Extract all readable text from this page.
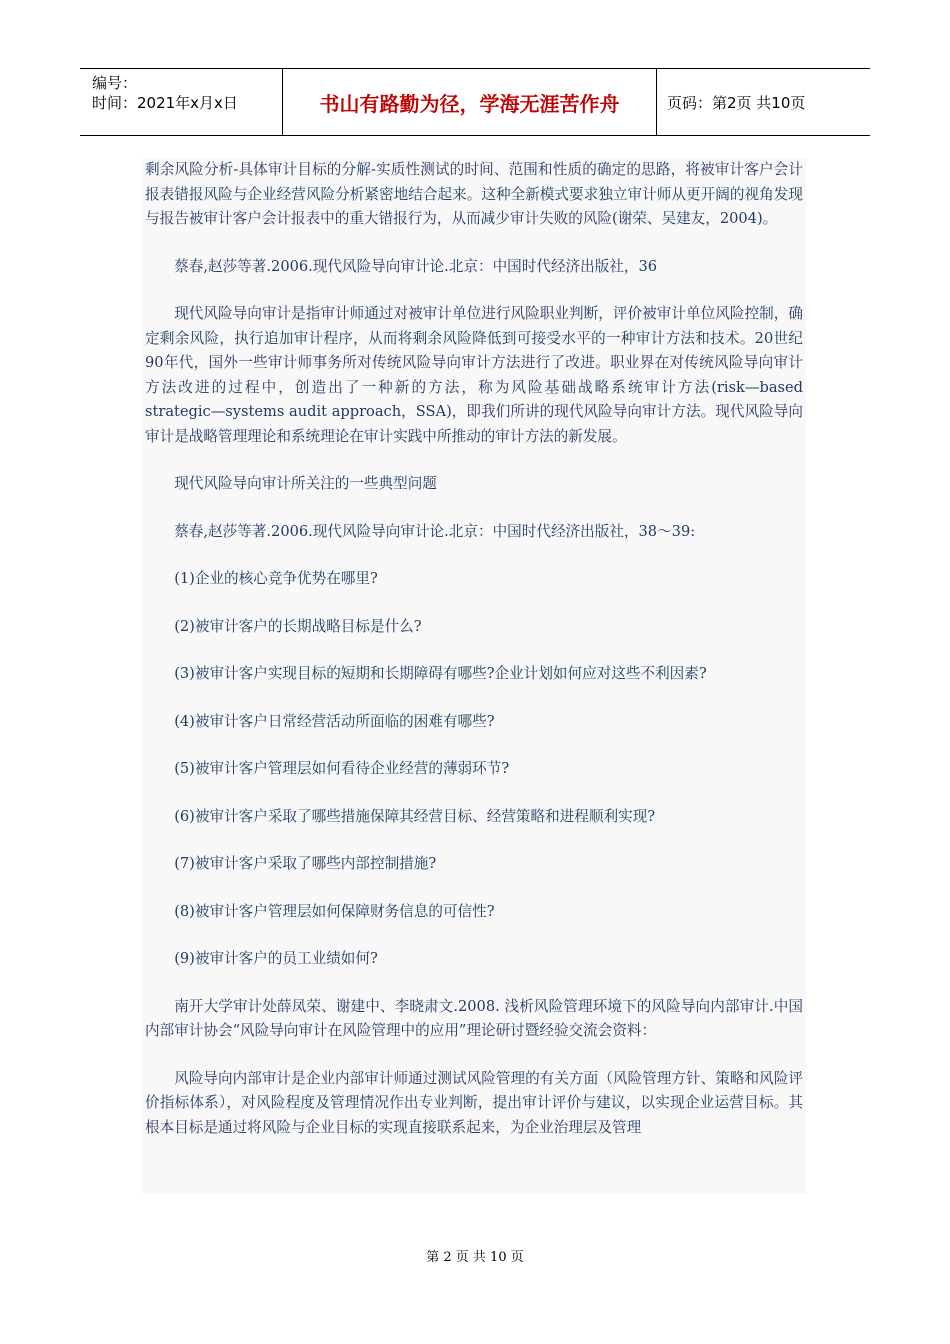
编号：
时间：2021年x月x日	书山有路勤为径，学海无涯苦作舟	页码：第2页 共10页

剩余风险分析-具体审计目标的分解-实质性测试的时间、范围和性质的确定的思路，将被审计客户会计报表错报风险与企业经营风险分析紧密地结合起来。这种全新模式要求独立审计师从更开阔的视角发现与报告被审计客户会计报表中的重大错报行为，从而减少审计失败的风险(谢荣、吴建友，2004)。

蔡春,赵莎等著.2006.现代风险导向审计论.北京：中国时代经济出版社，36

现代风险导向审计是指审计师通过对被审计单位进行风险职业判断，评价被审计单位风险控制，确定剩余风险，执行追加审计程序，从而将剩余风险降低到可接受水平的一种审计方法和技术。20世纪90年代，国外一些审计师事务所对传统风险导向审计方法进行了改进。职业界在对传统风险导向审计方法改进的过程中，创造出了一种新的方法，称为风险基础战略系统审计方法(risk—based strategic—systems audit approach，SSA)，即我们所讲的现代风险导向审计方法。现代风险导向审计是战略管理理论和系统理论在审计实践中所推动的审计方法的新发展。

现代风险导向审计所关注的一些典型问题

蔡春,赵莎等著.2006.现代风险导向审计论.北京：中国时代经济出版社，38～39:

(1)企业的核心竞争优势在哪里?

(2)被审计客户的长期战略目标是什么?

(3)被审计客户实现目标的短期和长期障碍有哪些?企业计划如何应对这些不利因素?

(4)被审计客户日常经营活动所面临的困难有哪些?

(5)被审计客户管理层如何看待企业经营的薄弱环节?

(6)被审计客户采取了哪些措施保障其经营目标、经营策略和进程顺利实现?

(7)被审计客户采取了哪些内部控制措施?

(8)被审计客户管理层如何保障财务信息的可信性?

(9)被审计客户的员工业绩如何?

南开大学审计处薛凤荣、谢建中、李晓肃文.2008. 浅析风险管理环境下的风险导向内部审计.中国内部审计协会“风险导向审计在风险管理中的应用”理论研讨暨经验交流会资料：

风险导向内部审计是企业内部审计师通过测试风险管理的有关方面（风险管理方针、策略和风险评价指标体系），对风险程度及管理情况作出专业判断，提出审计评价与建议，以实现企业运营目标。其根本目标是通过将风险与企业目标的实现直接联系起来，为企业治理层及管理

第 2 页 共 10 页
